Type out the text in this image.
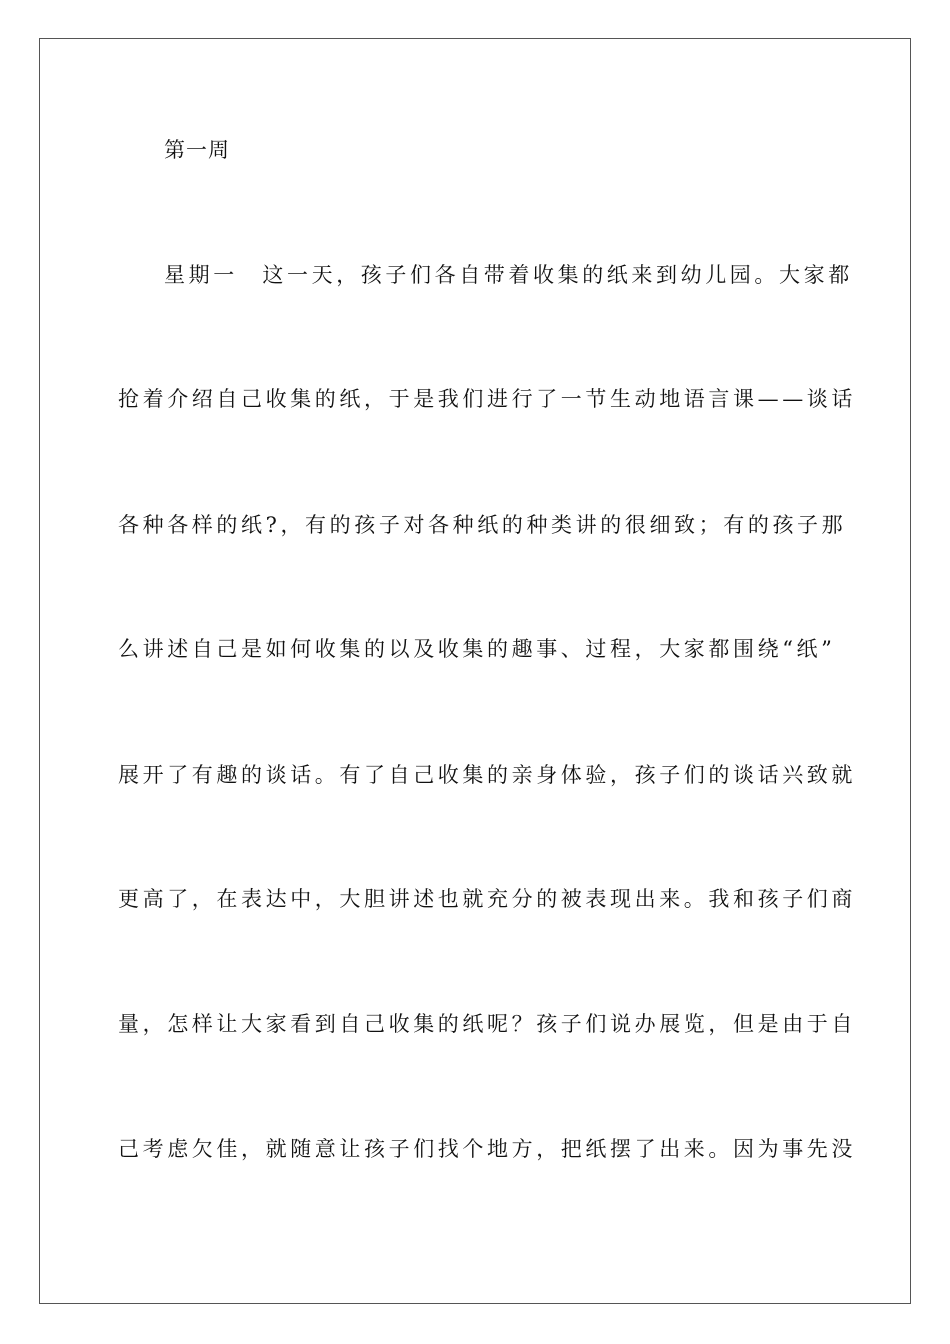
第一周
星期一　这一天，孩子们各自带着收集的纸来到幼儿园。大家都
抢着介绍自己收集的纸，于是我们进行了一节生动地语言课——谈话
各种各样的纸?，有的孩子对各种纸的种类讲的很细致；有的孩子那
么讲述自己是如何收集的以及收集的趣事、过程，大家都围绕“纸”
展开了有趣的谈话。有了自己收集的亲身体验，孩子们的谈话兴致就
更高了，在表达中，大胆讲述也就充分的被表现出来。我和孩子们商
量，怎样让大家看到自己收集的纸呢？孩子们说办展览，但是由于自
己考虑欠佳，就随意让孩子们找个地方，把纸摆了出来。因为事先没
